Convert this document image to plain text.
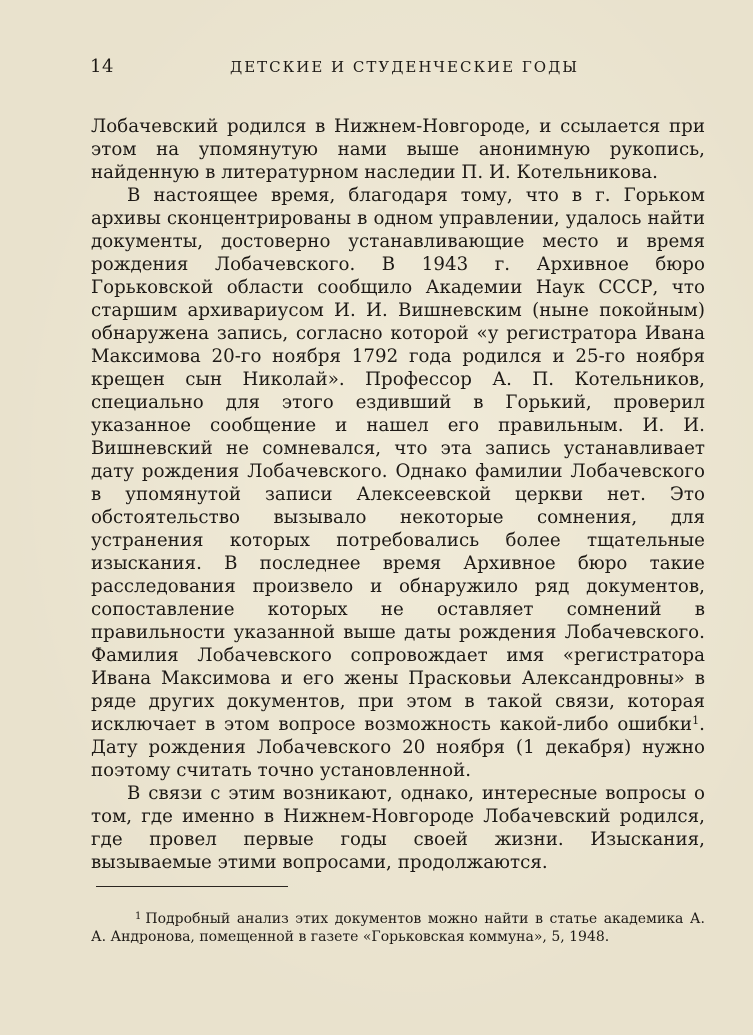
14	ДЕТСКИЕ И СТУДЕНЧЕСКИЕ ГОДЫ

Лобачевский родился в Нижнем-Новгороде, и ссылается при этом на упомянутую нами выше анонимную рукопись, найденную в литературном наследии П. И. Котельникова.

В настоящее время, благодаря тому, что в г. Горьком архивы сконцентрированы в одном управлении, удалось найти документы, достоверно устанавливающие место и время рождения Лобачевского. В 1943 г. Архивное бюро Горьковской области сообщило Академии Наук СССР, что старшим архивариусом И. И. Вишневским (ныне покойным) обнаружена запись, согласно которой «у регистратора Ивана Максимова 20-го ноября 1792 года родился и 25-го ноября крещен сын Николай». Профессор А. П. Котельников, специально для этого ездивший в Горький, проверил указанное сообщение и нашел его правильным. И. И. Вишневский не сомневался, что эта запись устанавливает дату рождения Лобачевского. Однако фамилии Лобачевского в упомянутой записи Алексеевской церкви нет. Это обстоятельство вызывало некоторые сомнения, для устранения которых потребовались более тщательные изыскания. В последнее время Архивное бюро такие расследования произвело и обнаружило ряд документов, сопоставление которых не оставляет сомнений в правильности указанной выше даты рождения Лобачевского. Фамилия Лобачевского сопровождает имя «регистратора Ивана Максимова и его жены Прасковьи Александровны» в ряде других документов, при этом в такой связи, которая исключает в этом вопросе возможность какой-либо ошибки$^1$. Дату рождения Лобачевского 20 ноября (1 декабря) нужно поэтому считать точно установленной.

В связи с этим возникают, однако, интересные вопросы о том, где именно в Нижнем-Новгороде Лобачевский родился, где провел первые годы своей жизни. Изыскания, вызываемые этими вопросами, продолжаются.

$^1$ Подробный анализ этих документов можно найти в статье академика А. А. Андронова, помещенной в газете «Горьковская коммуна», 5, 1948.
